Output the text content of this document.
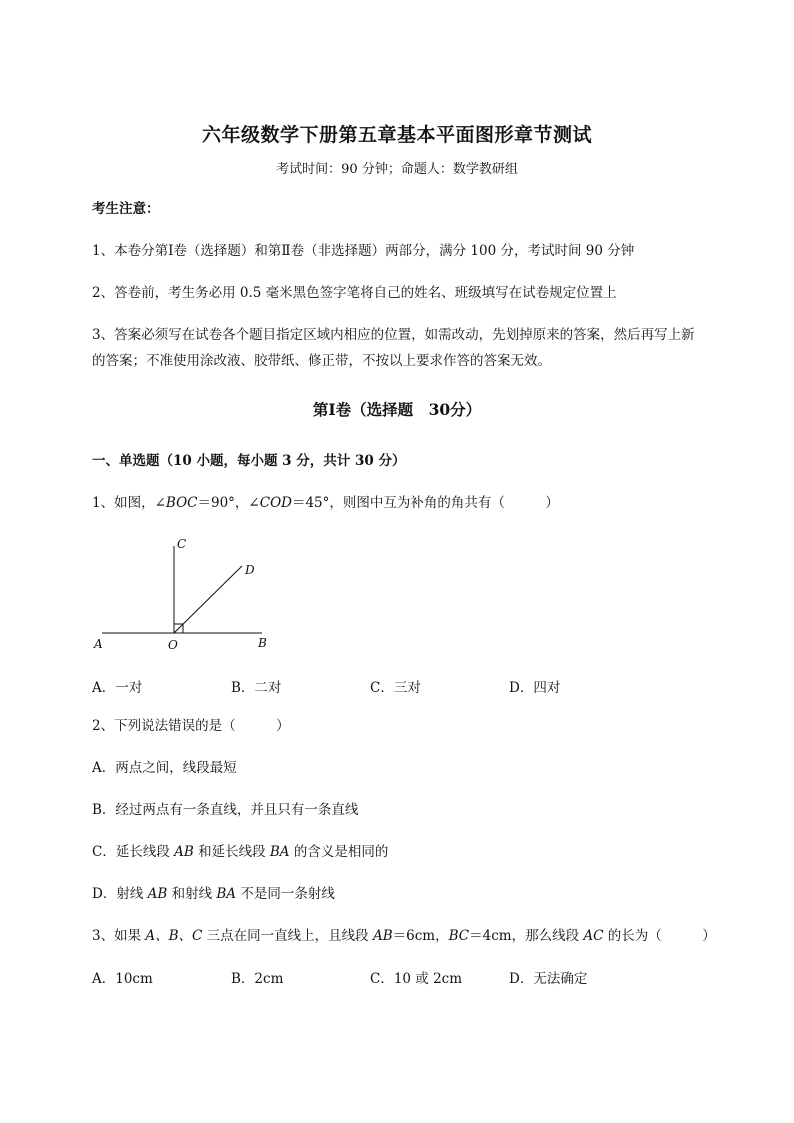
六年级数学下册第五章基本平面图形章节测试
考试时间：90 分钟；命题人：数学教研组
考生注意：
1、本卷分第Ⅰ卷（选择题）和第Ⅱ卷（非选择题）两部分，满分 100 分，考试时间 90 分钟
2、答卷前，考生务必用 0.5 毫米黑色签字笔将自己的姓名、班级填写在试卷规定位置上
3、答案必须写在试卷各个题目指定区域内相应的位置，如需改动，先划掉原来的答案，然后再写上新
的答案；不准使用涂改液、胶带纸、修正带，不按以上要求作答的答案无效。
第Ⅰ卷（选择题　30分）
一、单选题（10 小题，每小题 3 分，共计 30 分）
1、如图，∠BOC＝90°，∠COD＝45°，则图中互为补角的角共有（　　　）
A	B
C
D
O
A．一对	B．二对	C．三对	D．四对
2、下列说法错误的是（　　　）
A．两点之间，线段最短
B．经过两点有一条直线，并且只有一条直线
C．延长线段 AB 和延长线段 BA 的含义是相同的
D．射线 AB 和射线 BA 不是同一条射线
3、如果 A、B、C 三点在同一直线上，且线段 AB＝6cm，BC＝4cm，那么线段 AC 的长为（　　　）
A．10cm	B．2cm	C．10 或 2cm	D．无法确定
